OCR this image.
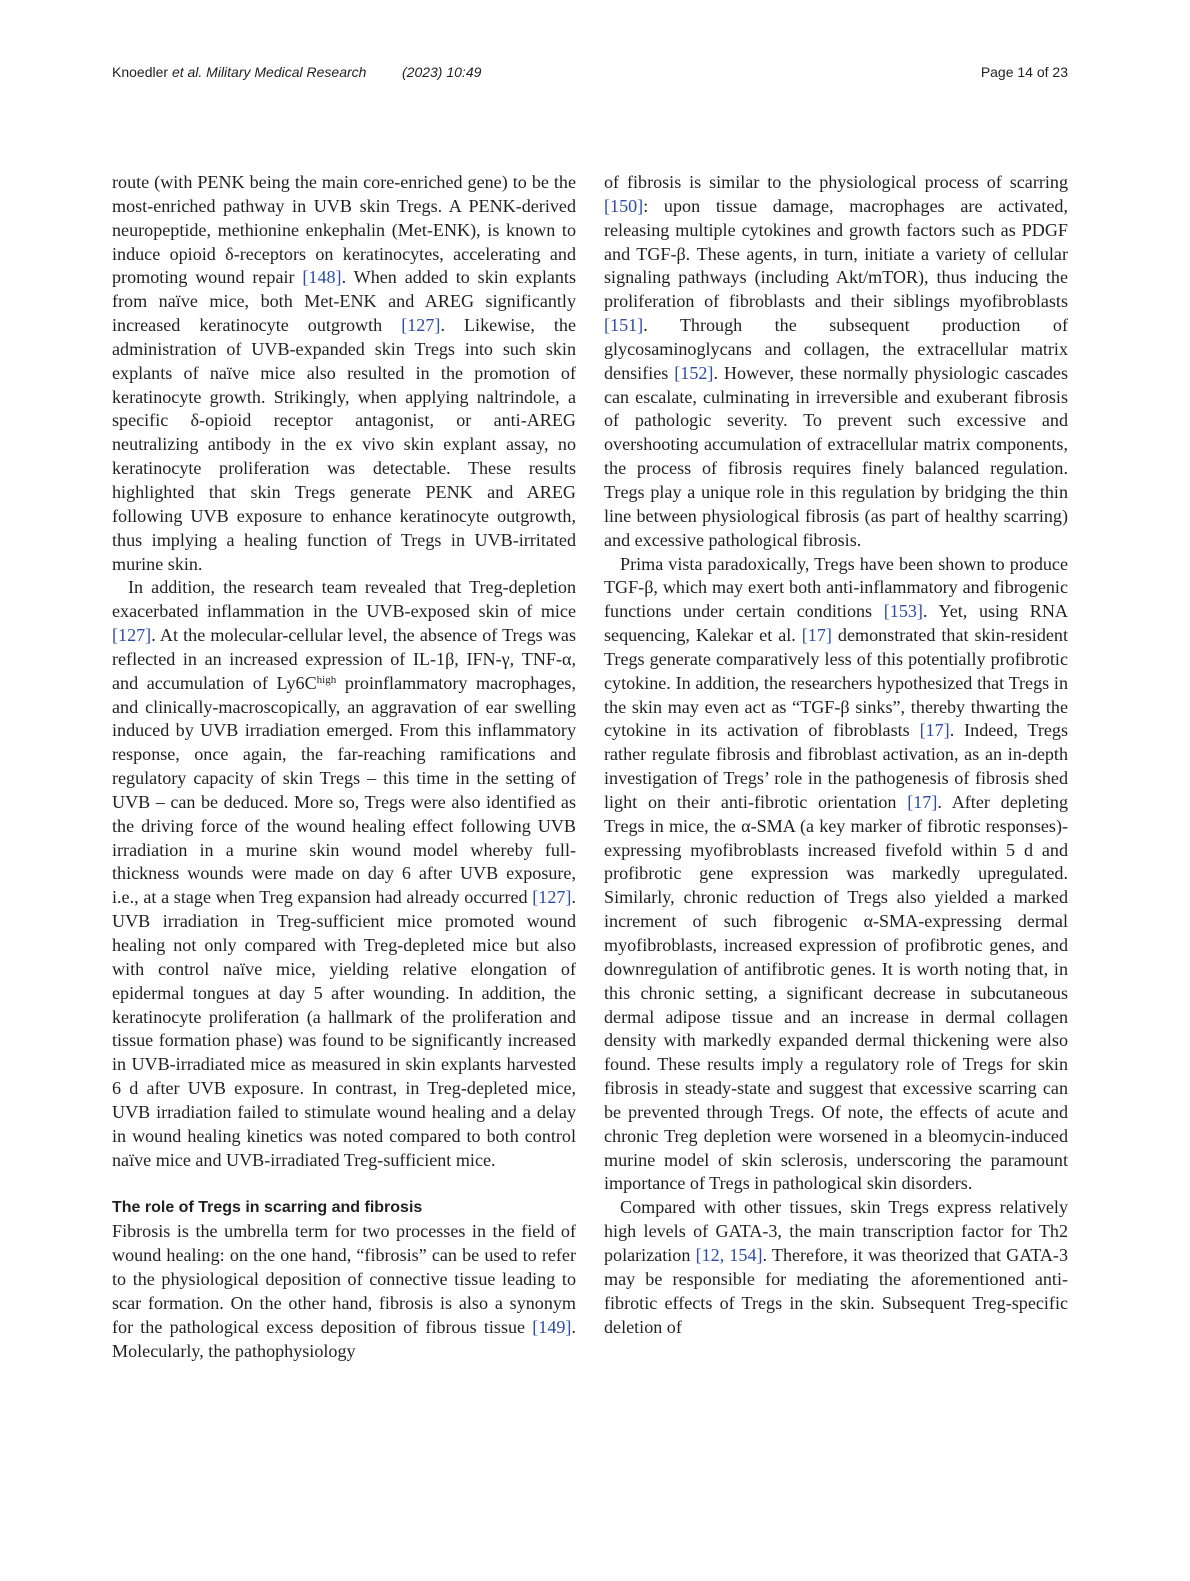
Knoedler et al. Military Medical Research	(2023) 10:49	Page 14 of 23

route (with PENK being the main core-enriched gene) to be the most-enriched pathway in UVB skin Tregs. A PENK-derived neuropeptide, methionine enkephalin (Met-ENK), is known to induce opioid δ-receptors on keratinocytes, accelerating and promoting wound repair [148]. When added to skin explants from naïve mice, both Met-ENK and AREG significantly increased keratinocyte outgrowth [127]. Likewise, the administration of UVB-expanded skin Tregs into such skin explants of naïve mice also resulted in the promotion of keratinocyte growth. Strikingly, when applying naltrindole, a specific δ-opioid receptor antagonist, or anti-AREG neutralizing antibody in the ex vivo skin explant assay, no keratinocyte proliferation was detectable. These results highlighted that skin Tregs generate PENK and AREG following UVB exposure to enhance keratinocyte outgrowth, thus implying a healing function of Tregs in UVB-irritated murine skin.

In addition, the research team revealed that Treg-depletion exacerbated inflammation in the UVB-exposed skin of mice [127]. At the molecular-cellular level, the absence of Tregs was reflected in an increased expression of IL-1β, IFN-γ, TNF-α, and accumulation of $Ly6C^{high}$ proinflammatory macrophages, and clinically-macroscopically, an aggravation of ear swelling induced by UVB irradiation emerged. From this inflammatory response, once again, the far-reaching ramifications and regulatory capacity of skin Tregs – this time in the setting of UVB – can be deduced. More so, Tregs were also identified as the driving force of the wound healing effect following UVB irradiation in a murine skin wound model whereby full-thickness wounds were made on day 6 after UVB exposure, i.e., at a stage when Treg expansion had already occurred [127]. UVB irradiation in Treg-sufficient mice promoted wound healing not only compared with Treg-depleted mice but also with control naïve mice, yielding relative elongation of epidermal tongues at day 5 after wounding. In addition, the keratinocyte proliferation (a hallmark of the proliferation and tissue formation phase) was found to be significantly increased in UVB-irradiated mice as measured in skin explants harvested 6 d after UVB exposure. In contrast, in Treg-depleted mice, UVB irradiation failed to stimulate wound healing and a delay in wound healing kinetics was noted compared to both control naïve mice and UVB-irradiated Treg-sufficient mice.

The role of Tregs in scarring and fibrosis

Fibrosis is the umbrella term for two processes in the field of wound healing: on the one hand, “fibrosis” can be used to refer to the physiological deposition of connective tissue leading to scar formation. On the other hand, fibrosis is also a synonym for the pathological excess deposition of fibrous tissue [149]. Molecularly, the pathophysiology

of fibrosis is similar to the physiological process of scarring [150]: upon tissue damage, macrophages are activated, releasing multiple cytokines and growth factors such as PDGF and TGF-β. These agents, in turn, initiate a variety of cellular signaling pathways (including Akt/mTOR), thus inducing the proliferation of fibroblasts and their siblings myofibroblasts [151]. Through the subsequent production of glycosaminoglycans and collagen, the extracellular matrix densifies [152]. However, these normally physiologic cascades can escalate, culminating in irreversible and exuberant fibrosis of pathologic severity. To prevent such excessive and overshooting accumulation of extracellular matrix components, the process of fibrosis requires finely balanced regulation. Tregs play a unique role in this regulation by bridging the thin line between physiological fibrosis (as part of healthy scarring) and excessive pathological fibrosis.

Prima vista paradoxically, Tregs have been shown to produce TGF-β, which may exert both anti-inflammatory and fibrogenic functions under certain conditions [153]. Yet, using RNA sequencing, Kalekar et al. [17] demonstrated that skin-resident Tregs generate comparatively less of this potentially profibrotic cytokine. In addition, the researchers hypothesized that Tregs in the skin may even act as “TGF-β sinks”, thereby thwarting the cytokine in its activation of fibroblasts [17]. Indeed, Tregs rather regulate fibrosis and fibroblast activation, as an in-depth investigation of Tregs’ role in the pathogenesis of fibrosis shed light on their anti-fibrotic orientation [17]. After depleting Tregs in mice, the α-SMA (a key marker of fibrotic responses)-expressing myofibroblasts increased fivefold within 5 d and profibrotic gene expression was markedly upregulated. Similarly, chronic reduction of Tregs also yielded a marked increment of such fibrogenic α-SMA-expressing dermal myofibroblasts, increased expression of profibrotic genes, and downregulation of antifibrotic genes. It is worth noting that, in this chronic setting, a significant decrease in subcutaneous dermal adipose tissue and an increase in dermal collagen density with markedly expanded dermal thickening were also found. These results imply a regulatory role of Tregs for skin fibrosis in steady-state and suggest that excessive scarring can be prevented through Tregs. Of note, the effects of acute and chronic Treg depletion were worsened in a bleomycin-induced murine model of skin sclerosis, underscoring the paramount importance of Tregs in pathological skin disorders.

Compared with other tissues, skin Tregs express relatively high levels of GATA-3, the main transcription factor for Th2 polarization [12, 154]. Therefore, it was theorized that GATA-3 may be responsible for mediating the aforementioned anti-fibrotic effects of Tregs in the skin. Subsequent Treg-specific deletion of
